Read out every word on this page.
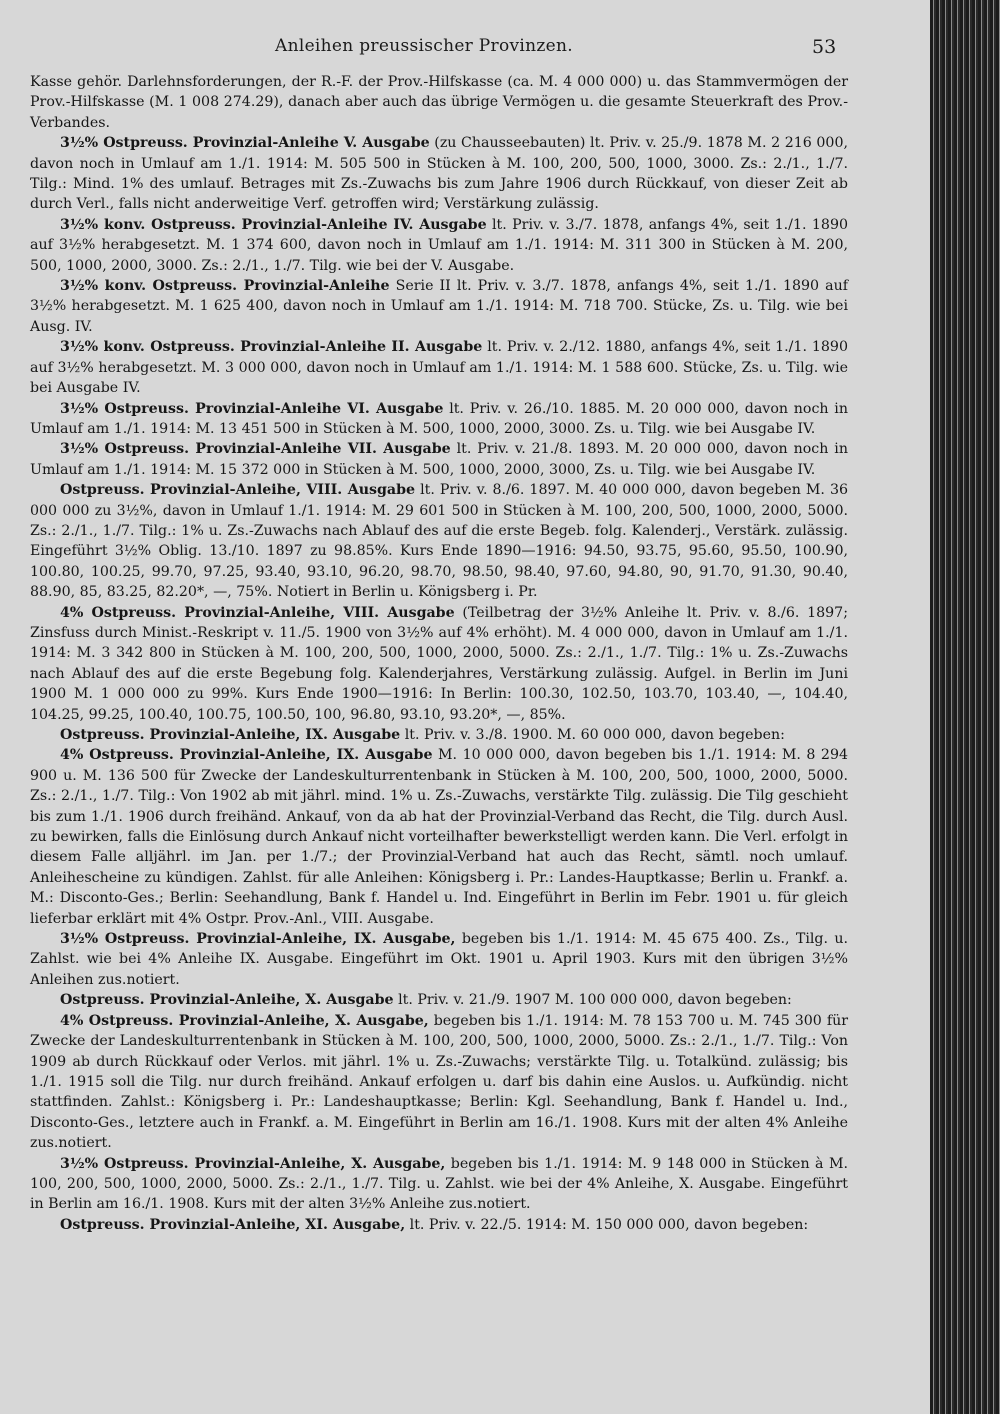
Anleihen preussischer Provinzen.	53

Kasse gehör. Darlehnsforderungen, der R.-F. der Prov.-Hilfskasse (ca. M. 4 000 000) u. das Stammvermögen der Prov.-Hilfskasse (M. 1 008 274.29), danach aber auch das übrige Vermögen u. die gesamte Steuerkraft des Prov.-Verbandes.

3½% Ostpreuss. Provinzial-Anleihe V. Ausgabe (zu Chausseebauten) lt. Priv. v. 25./9. 1878 M. 2 216 000, davon noch in Umlauf am 1./1. 1914: M. 505 500 in Stücken à M. 100, 200, 500, 1000, 3000. Zs.: 2./1., 1./7. Tilg.: Mind. 1% des umlauf. Betrages mit Zs.-Zuwachs bis zum Jahre 1906 durch Rückkauf, von dieser Zeit ab durch Verl., falls nicht anderweitige Verf. getroffen wird; Verstärkung zulässig.

3½% konv. Ostpreuss. Provinzial-Anleihe IV. Ausgabe lt. Priv. v. 3./7. 1878, anfangs 4%, seit 1./1. 1890 auf 3½% herabgesetzt. M. 1 374 600, davon noch in Umlauf am 1./1. 1914: M. 311 300 in Stücken à M. 200, 500, 1000, 2000, 3000. Zs.: 2./1., 1./7. Tilg. wie bei der V. Ausgabe.

3½% konv. Ostpreuss. Provinzial-Anleihe Serie II lt. Priv. v. 3./7. 1878, anfangs 4%, seit 1./1. 1890 auf 3½% herabgesetzt. M. 1 625 400, davon noch in Umlauf am 1./1. 1914: M. 718 700. Stücke, Zs. u. Tilg. wie bei Ausg. IV.

3½% konv. Ostpreuss. Provinzial-Anleihe II. Ausgabe lt. Priv. v. 2./12. 1880, anfangs 4%, seit 1./1. 1890 auf 3½% herabgesetzt. M. 3 000 000, davon noch in Umlauf am 1./1. 1914: M. 1 588 600. Stücke, Zs. u. Tilg. wie bei Ausgabe IV.

3½% Ostpreuss. Provinzial-Anleihe VI. Ausgabe lt. Priv. v. 26./10. 1885. M. 20 000 000, davon noch in Umlauf am 1./1. 1914: M. 13 451 500 in Stücken à M. 500, 1000, 2000, 3000. Zs. u. Tilg. wie bei Ausgabe IV.

3½% Ostpreuss. Provinzial-Anleihe VII. Ausgabe lt. Priv. v. 21./8. 1893. M. 20 000 000, davon noch in Umlauf am 1./1. 1914: M. 15 372 000 in Stücken à M. 500, 1000, 2000, 3000, Zs. u. Tilg. wie bei Ausgabe IV.

Ostpreuss. Provinzial-Anleihe, VIII. Ausgabe lt. Priv. v. 8./6. 1897. M. 40 000 000, davon begeben M. 36 000 000 zu 3½%, davon in Umlauf 1./1. 1914: M. 29 601 500 in Stücken à M. 100, 200, 500, 1000, 2000, 5000. Zs.: 2./1., 1./7. Tilg.: 1% u. Zs.-Zuwachs nach Ablauf des auf die erste Begeb. folg. Kalenderj., Verstärk. zulässig. Eingeführt 3½% Oblig. 13./10. 1897 zu 98.85%. Kurs Ende 1890—1916: 94.50, 93.75, 95.60, 95.50, 100.90, 100.80, 100.25, 99.70, 97.25, 93.40, 93.10, 96.20, 98.70, 98.50, 98.40, 97.60, 94.80, 90, 91.70, 91.30, 90.40, 88.90, 85, 83.25, 82.20*, —, 75%. Notiert in Berlin u. Königsberg i. Pr.

4% Ostpreuss. Provinzial-Anleihe, VIII. Ausgabe (Teilbetrag der 3½% Anleihe lt. Priv. v. 8./6. 1897; Zinsfuss durch Minist.-Reskript v. 11./5. 1900 von 3½% auf 4% erhöht). M. 4 000 000, davon in Umlauf am 1./1. 1914: M. 3 342 800 in Stücken à M. 100, 200, 500, 1000, 2000, 5000. Zs.: 2./1., 1./7. Tilg.: 1% u. Zs.-Zuwachs nach Ablauf des auf die erste Begebung folg. Kalenderjahres, Verstärkung zulässig. Aufgel. in Berlin im Juni 1900 M. 1 000 000 zu 99%. Kurs Ende 1900—1916: In Berlin: 100.30, 102.50, 103.70, 103.40, —, 104.40, 104.25, 99.25, 100.40, 100.75, 100.50, 100, 96.80, 93.10, 93.20*, —, 85%.

Ostpreuss. Provinzial-Anleihe, IX. Ausgabe lt. Priv. v. 3./8. 1900. M. 60 000 000, davon begeben:

4% Ostpreuss. Provinzial-Anleihe, IX. Ausgabe M. 10 000 000, davon begeben bis 1./1. 1914: M. 8 294 900 u. M. 136 500 für Zwecke der Landeskulturrentenbank in Stücken à M. 100, 200, 500, 1000, 2000, 5000. Zs.: 2./1., 1./7. Tilg.: Von 1902 ab mit jährl. mind. 1% u. Zs.-Zuwachs, verstärkte Tilg. zulässig. Die Tilg geschieht bis zum 1./1. 1906 durch freihänd. Ankauf, von da ab hat der Provinzial-Verband das Recht, die Tilg. durch Ausl. zu bewirken, falls die Einlösung durch Ankauf nicht vorteilhafter bewerkstelligt werden kann. Die Verl. erfolgt in diesem Falle alljährl. im Jan. per 1./7.; der Provinzial-Verband hat auch das Recht, sämtl. noch umlauf. Anleihescheine zu kündigen. Zahlst. für alle Anleihen: Königsberg i. Pr.: Landes-Hauptkasse; Berlin u. Frankf. a. M.: Disconto-Ges.; Berlin: Seehandlung, Bank f. Handel u. Ind. Eingeführt in Berlin im Febr. 1901 u. für gleich lieferbar erklärt mit 4% Ostpr. Prov.-Anl., VIII. Ausgabe.

3½% Ostpreuss. Provinzial-Anleihe, IX. Ausgabe, begeben bis 1./1. 1914: M. 45 675 400. Zs., Tilg. u. Zahlst. wie bei 4% Anleihe IX. Ausgabe. Eingeführt im Okt. 1901 u. April 1903. Kurs mit den übrigen 3½% Anleihen zus.notiert.

Ostpreuss. Provinzial-Anleihe, X. Ausgabe lt. Priv. v. 21./9. 1907 M. 100 000 000, davon begeben:

4% Ostpreuss. Provinzial-Anleihe, X. Ausgabe, begeben bis 1./1. 1914: M. 78 153 700 u. M. 745 300 für Zwecke der Landeskulturrentenbank in Stücken à M. 100, 200, 500, 1000, 2000, 5000. Zs.: 2./1., 1./7. Tilg.: Von 1909 ab durch Rückkauf oder Verlos. mit jährl. 1% u. Zs.-Zuwachs; verstärkte Tilg. u. Totalkünd. zulässig; bis 1./1. 1915 soll die Tilg. nur durch freihänd. Ankauf erfolgen u. darf bis dahin eine Auslos. u. Aufkündig. nicht stattfinden. Zahlst.: Königsberg i. Pr.: Landeshauptkasse; Berlin: Kgl. Seehandlung, Bank f. Handel u. Ind., Disconto-Ges., letztere auch in Frankf. a. M. Eingeführt in Berlin am 16./1. 1908. Kurs mit der alten 4% Anleihe zus.notiert.

3½% Ostpreuss. Provinzial-Anleihe, X. Ausgabe, begeben bis 1./1. 1914: M. 9 148 000 in Stücken à M. 100, 200, 500, 1000, 2000, 5000. Zs.: 2./1., 1./7. Tilg. u. Zahlst. wie bei der 4% Anleihe, X. Ausgabe. Eingeführt in Berlin am 16./1. 1908. Kurs mit der alten 3½% Anleihe zus.notiert.

Ostpreuss. Provinzial-Anleihe, XI. Ausgabe, lt. Priv. v. 22./5. 1914: M. 150 000 000, davon begeben:
